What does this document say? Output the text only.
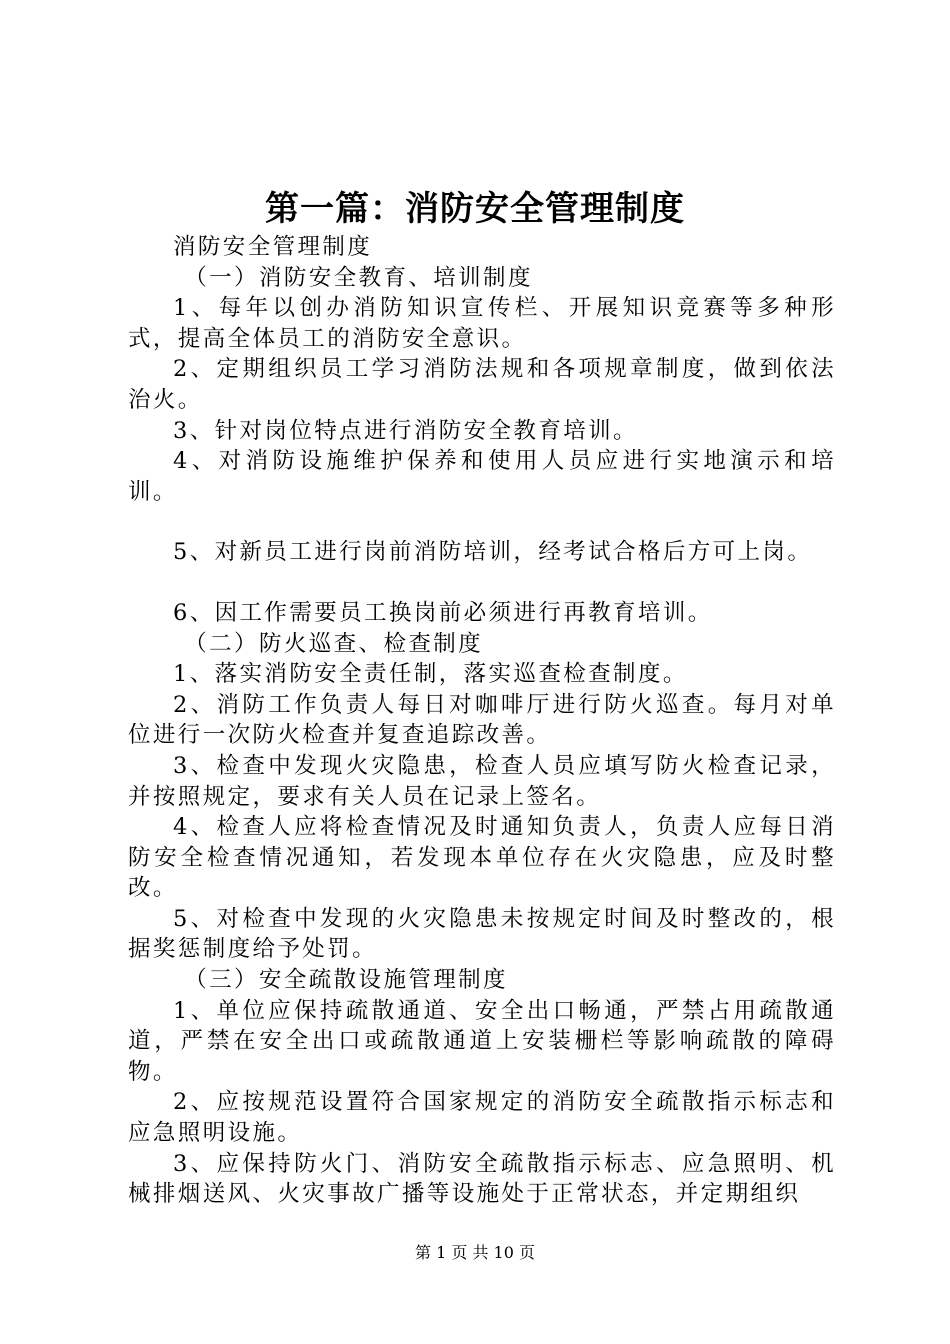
第一篇：消防安全管理制度

消防安全管理制度

（一）消防安全教育、培训制度

1、每年以创办消防知识宣传栏、开展知识竞赛等多种形式，提高全体员工的消防安全意识。

2、定期组织员工学习消防法规和各项规章制度，做到依法治火。

3、针对岗位特点进行消防安全教育培训。

4、对消防设施维护保养和使用人员应进行实地演示和培训。

5、对新员工进行岗前消防培训，经考试合格后方可上岗。

6、因工作需要员工换岗前必须进行再教育培训。

（二）防火巡查、检查制度

1、落实消防安全责任制，落实巡查检查制度。

2、消防工作负责人每日对咖啡厅进行防火巡查。每月对单位进行一次防火检查并复查追踪改善。

3、检查中发现火灾隐患，检查人员应填写防火检查记录，并按照规定，要求有关人员在记录上签名。

4、检查人应将检查情况及时通知负责人，负责人应每日消防安全检查情况通知，若发现本单位存在火灾隐患，应及时整改。

5、对检查中发现的火灾隐患未按规定时间及时整改的，根据奖惩制度给予处罚。

（三）安全疏散设施管理制度

1、单位应保持疏散通道、安全出口畅通，严禁占用疏散通道，严禁在安全出口或疏散通道上安装栅栏等影响疏散的障碍物。

2、应按规范设置符合国家规定的消防安全疏散指示标志和应急照明设施。

3、应保持防火门、消防安全疏散指示标志、应急照明、机械排烟送风、火灾事故广播等设施处于正常状态，并定期组织

第 1 页 共 10 页
